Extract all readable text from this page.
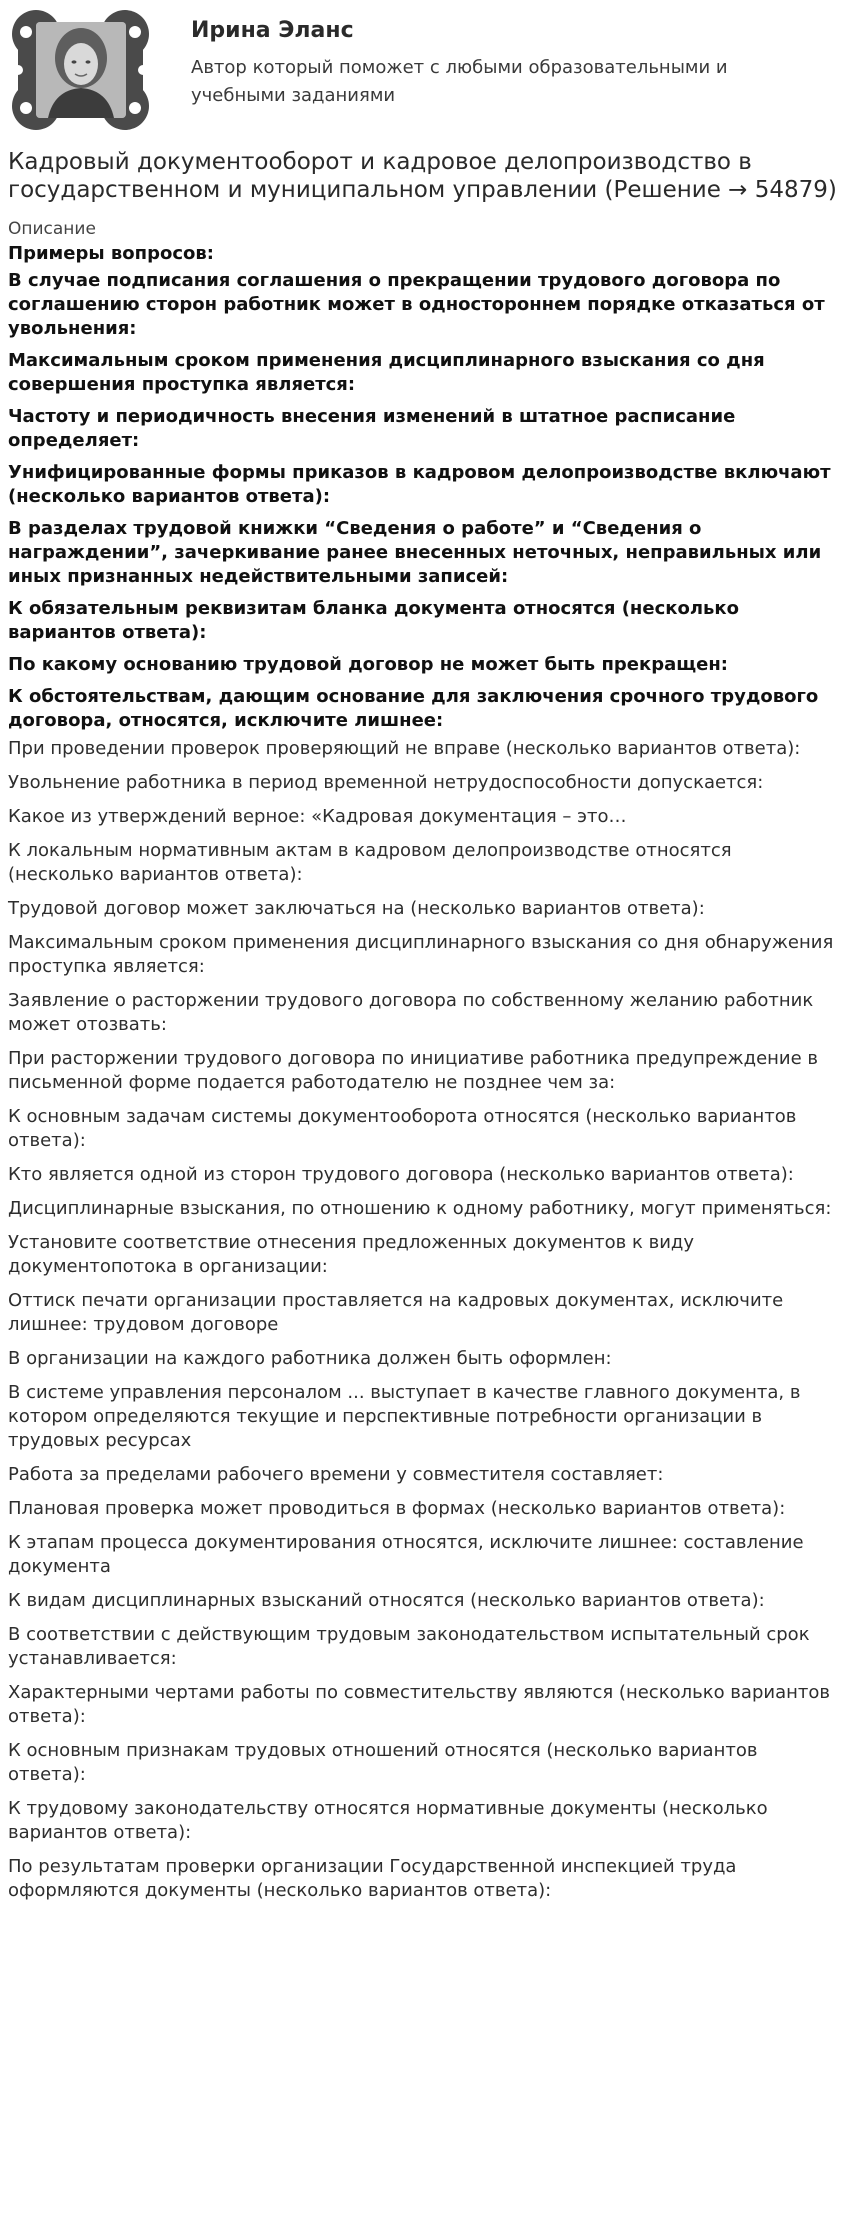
Ирина Эланс
Автор который поможет с любыми образовательными и учебными заданиями
Кадровый документооборот и кадровое делопроизводство в государственном и муниципальном управлении (Решение → 54879)
Описание
Примеры вопросов:

В случае подписания соглашения о прекращении трудового договора по соглашению сторон работник может в одностороннем порядке отказаться от увольнения:

Максимальным сроком применения дисциплинарного взыскания со дня совершения проступка является:

Частоту и периодичность внесения изменений в штатное расписание определяет:

Унифицированные формы приказов в кадровом делопроизводстве включают (несколько вариантов ответа):

В разделах трудовой книжки “Сведения о работе” и “Сведения о награждении”, зачеркивание ранее внесенных неточных, неправильных или иных признанных недействительными записей:

К обязательным реквизитам бланка документа относятся (несколько вариантов ответа):

По какому основанию трудовой договор не может быть прекращен:

К обстоятельствам, дающим основание для заключения срочного трудового договора, относятся, исключите лишнее:

При проведении проверок проверяющий не вправе (несколько вариантов ответа):

Увольнение работника в период временной нетрудоспособности допускается:

Какое из утверждений верное: «Кадровая документация – это…

К локальным нормативным актам в кадровом делопроизводстве относятся (несколько вариантов ответа):

Трудовой договор может заключаться на (несколько вариантов ответа):

Максимальным сроком применения дисциплинарного взыскания со дня обнаружения проступка является:

Заявление о расторжении трудового договора по собственному желанию работник может отозвать:

При расторжении трудового договора по инициативе работника предупреждение в письменной форме подается работодателю не позднее чем за:

К основным задачам системы документооборота относятся (несколько вариантов ответа):

Кто является одной из сторон трудового договора (несколько вариантов ответа):

Дисциплинарные взыскания, по отношению к одному работнику, могут применяться:

Установите соответствие отнесения предложенных документов к виду документопотока в организации:

Оттиск печати организации проставляется на кадровых документах, исключите лишнее: трудовом договоре

В организации на каждого работника должен быть оформлен:

В системе управления персоналом ... выступает в качестве главного документа, в котором определяются текущие и перспективные потребности организации в трудовых ресурсах

Работа за пределами рабочего времени у совместителя составляет:

Плановая проверка может проводиться в формах (несколько вариантов ответа):

К этапам процесса документирования относятся, исключите лишнее: составление документа

К видам дисциплинарных взысканий относятся (несколько вариантов ответа):

В соответствии с действующим трудовым законодательством испытательный срок устанавливается:

Характерными чертами работы по совместительству являются (несколько вариантов ответа):

К основным признакам трудовых отношений относятся (несколько вариантов ответа):

К трудовому законодательству относятся нормативные документы (несколько вариантов ответа):

По результатам проверки организации Государственной инспекцией труда оформляются документы (несколько вариантов ответа):
